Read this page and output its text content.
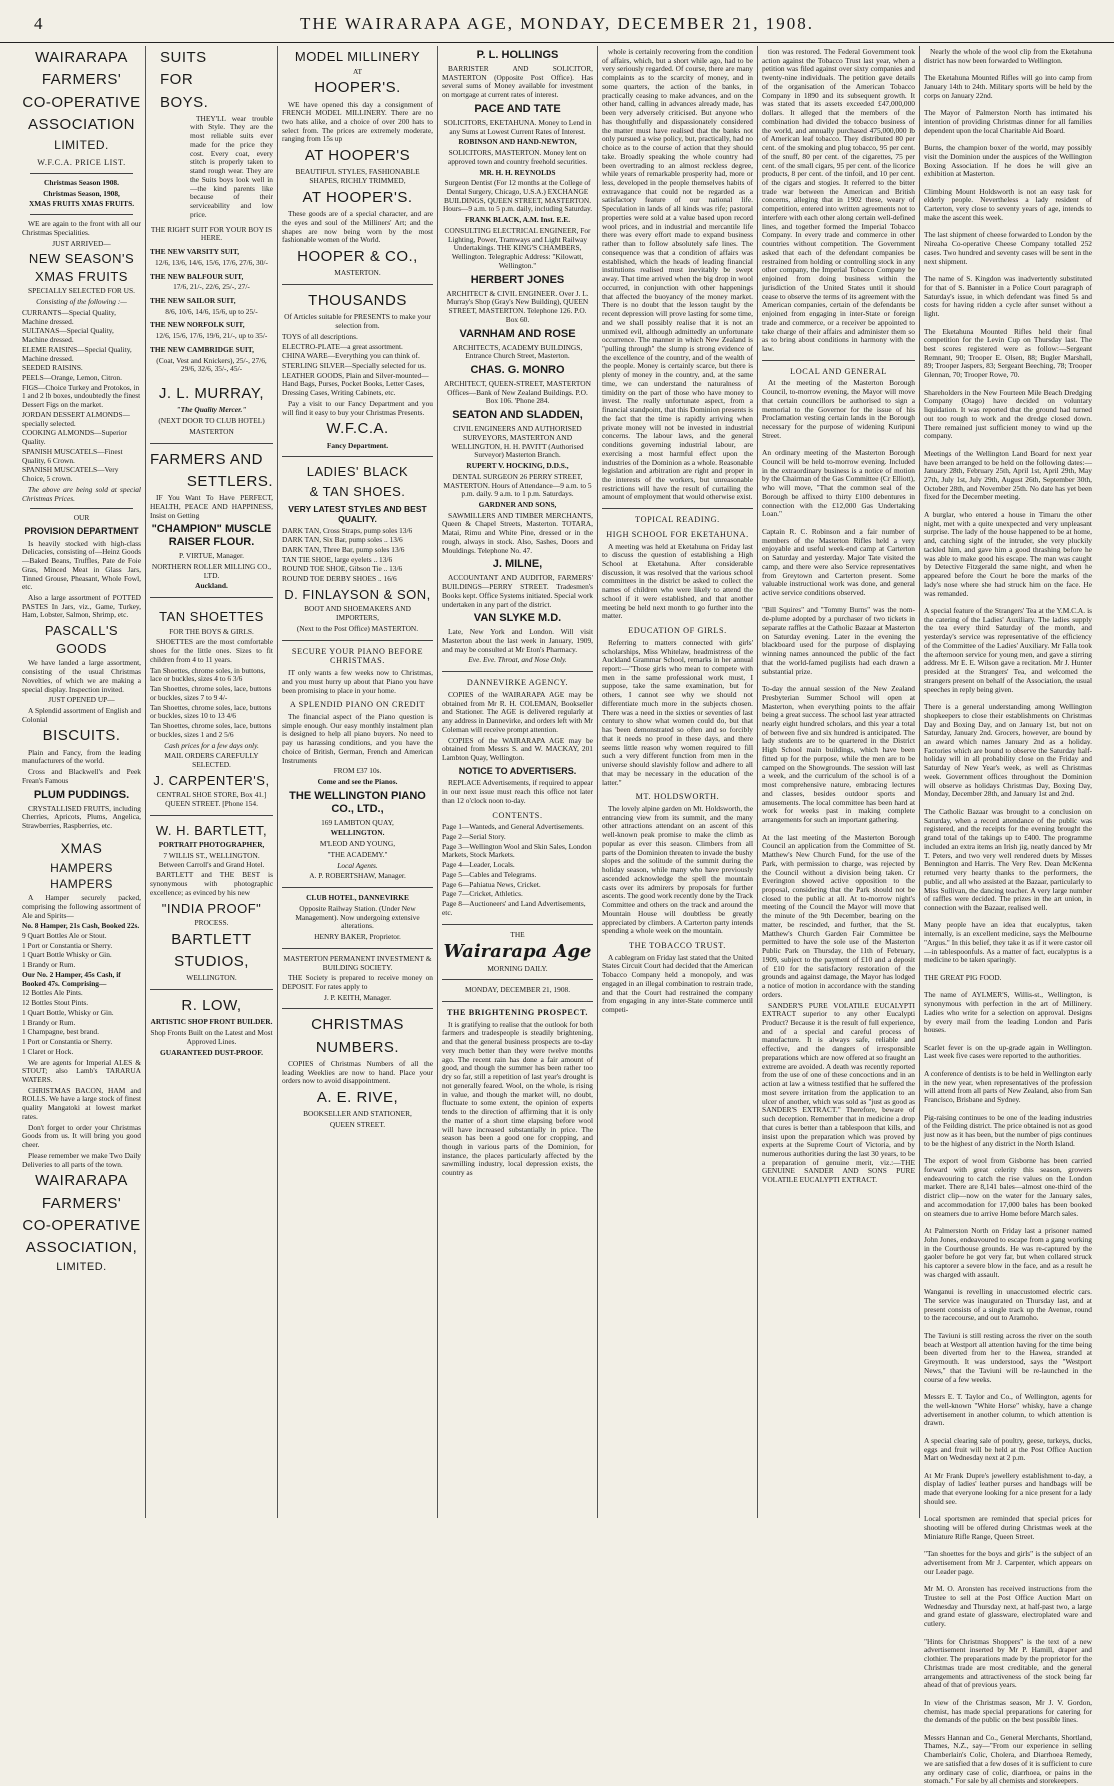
4	THE WAIRARAPA AGE, MONDAY, DECEMBER 21, 1908.
WAIRARAPA
FARMERS'
CO-OPERATIVE
ASSOCIATION
LIMITED.
W.F.C.A. PRICE LIST.
Christmas Season 1908.
Christmas Season, 1908,
XMAS FRUITS XMAS FRUITS.
WE are again to the front with all our Christmas Specialities.
JUST ARRIVED—
NEW SEASON'S XMAS FRUITS
SPECIALLY SELECTED FOR US.
Consisting of the following :—
CURRANTS—Special Quality, Machine dressed.
SULTANAS—Special Quality, Machine dressed.
ELEME RAISINS—Special Quality, Machine dressed.
SEEDED RAISINS.
PEELS—Orange, Lemon, Citron.
FIGS—Choice Turkey and Protokos, in 1 and 2 lb boxes, undoubtedly the finest Dessert Figs on the market.
JORDAN DESSERT ALMONDS—specially selected.
COOKING ALMONDS—Superior Quality.
SPANISH MUSCATELS—Finest Quality, 6 Crown.
SPANISH MUSCATELS—Very Choice, 5 crown.
The above are being sold at special Christmas Prices.
OUR
PROVISION DEPARTMENT
Is heavily stocked with high-class Delicacies, consisting of—Heinz Goods—Baked Beans, Truffles, Pate de Foie Gras, Minced Meat in Glass Jars, Tinned Grouse, Pheasant, Whole Fowl, etc.
Also a large assortment of POTTED PASTES In Jars, viz., Game, Turkey, Ham, Lobster, Salmon, Shrimp, etc.
PASCALL'S GOODS
We have landed a large assortment, consisting of the usual Christmas Novelties, of which we are making a special display. Inspection invited.
JUST OPENED UP—
A Splendid assortment of English and Colonial
BISCUITS.
Plain and Fancy, from the leading manufacturers of the world.
Cross and Blackwell's and Peek Frean's Famous
PLUM PUDDINGS.
CRYSTALLISED FRUITS, including Cherries, Apricots, Plums, Angelica, Strawberries, Raspberries, etc.
XMAS
HAMPERS HAMPERS
A Hamper securely packed, comprising the following assortment of Ale and Spirits—
No. 8 Hamper, 21s Cash, Booked 22s.
9 Quart Bottles Ale or Stout.
1 Port or Constantia or Sherry.
1 Quart Bottle Whisky or Gin.
1 Brandy or Rum.
Our No. 2 Hamper, 45s Cash, if Booked 47s. Comprising—
12 Bottles Ale Pints.
12 Bottles Stout Pints.
1 Quart Bottle, Whisky or Gin.
1 Brandy or Rum.
1 Champagne, best brand.
1 Port or Constantia or Sherry.
1 Claret or Hock.
We are agents for Imperial ALES & STOUT; also Lamb's TARARUA WATERS.
CHRISTMAS BACON, HAM and ROLLS. We have a large stock of finest quality Mangatoki at lowest market rates.
Don't forget to order your Christmas Goods from us. It will bring you good cheer.
Please remember we make Two Daily Deliveries to all parts of the town.
WAIRARAPA
FARMERS'
CO-OPERATIVE
ASSOCIATION,
LIMITED.
SUITS
FOR
BOYS.
THEY'LL wear trouble with Style. They are the most reliable suits ever made for the price they cost. Every coat, every stitch is properly taken to stand rough wear. They are the Suits boys look well in—the kind parents like because of their serviceability and low price.
THE RIGHT SUIT FOR YOUR BOY IS HERE.
THE NEW VARSITY SUIT,
12/6, 13/6, 14/6, 15/6, 17/6, 27/6, 30/-
THE NEW BALFOUR SUIT,
17/6, 21/-, 22/6, 25/-, 27/-
THE NEW SAILOR SUIT,
8/6, 10/6, 14/6, 15/6, up to 25/-
THE NEW NORFOLK SUIT,
12/6, 15/6, 17/6, 19/6, 21/-, up to 35/-
THE NEW CAMBRIDGE SUIT,
(Coat, Vest and Knickers), 25/-, 27/6, 29/6, 32/6, 35/-, 45/-
J. L. MURRAY,
"The Quality Mercer."
(NEXT DOOR TO CLUB HOTEL)
MASTERTON
FARMERS AND
SETTLERS.
IF You Want To Have PERFECT, HEALTH, PEACE AND HAPPINESS, Insist on Getting
"CHAMPION" MUSCLE RAISER FLOUR.
P. VIRTUE, Manager.
NORTHERN ROLLER MILLING CO., LTD.
Auckland.
TAN SHOETTES
FOR THE BOYS & GIRLS.
SHOETTES are the most comfortable shoes for the little ones. Sizes to fit children from 4 to 11 years.
Tan Shoettes, chrome soles, in buttons, lace or buckles, sizes 4 to 6 3/6
Tan Shoettes, chrome soles, lace, buttons or buckles, sizes 7 to 9 4/-
Tan Shoettes, chrome soles, lace, buttons or buckles, sizes 10 to 13 4/6
Tan Shoettes, chrome soles, lace, buttons or buckles, sizes 1 and 2 5/6
Cash prices for a few days only.
MAIL ORDERS CAREFULLY SELECTED.
J. CARPENTER'S,
CENTRAL SHOE STORE, Box 41.] QUEEN STREET. [Phone 154.
W. H. BARTLETT,
PORTRAIT PHOTOGRAPHER,
7 WILLIS ST., WELLINGTON. Between Carroll's and Grand Hotel.
BARTLETT and THE BEST is synonymous with photographic excellence; as evinced by his new
"INDIA PROOF"
PROCESS.
BARTLETT
STUDIOS,
WELLINGTON.
R. LOW,
ARTISTIC SHOP FRONT BUILDER.
Shop Fronts Built on the Latest and Most Approved Lines.
GUARANTEED DUST-PROOF.
MODEL MILLINERY
AT
HOOPER'S.
WE have opened this day a consignment of FRENCH MODEL MILLINERY. There are no two hats alike, and a choice of over 200 hats to select from. The prices are extremely moderate, ranging from 15s up
AT HOOPER'S
BEAUTIFUL STYLES, FASHIONABLE SHAPES, RICHLY TRIMMED,
AT HOOPER'S.
These goods are of a special character, and are the eyes and soul of the Milliners' Art; and the shapes are now being worn by the most fashionable women of the World.
HOOPER & CO.,
MASTERTON.
THOUSANDS
Of Articles suitable for PRESENTS to make your selection from.
TOYS of all descriptions.
ELECTRO-PLATE—a great assortment.
CHINA WARE—Everything you can think of.
STERLING SILVER—Specially selected for us.
LEATHER GOODS, Plain and Silver-mounted—Hand Bags, Purses, Pocket Books, Letter Cases, Dressing Cases, Writing Cabinets, etc.
Pay a visit to our Fancy Department and you will find it easy to buy your Christmas Presents.
W.F.C.A.
Fancy Department.
LADIES' BLACK
& TAN SHOES.
VERY LATEST STYLES AND BEST QUALITY.
DARK TAN, Cross Straps, pump soles 13/6
DARK TAN, Six Bar, pump soles .. 13/6
DARK TAN, Three Bar, pump soles 13/6
TAN TIE SHOE, large eyelets .. 13/6
ROUND TOE SHOE, Gibson Tie .. 13/6
ROUND TOE DERBY SHOES .. 16/6
D. FINLAYSON & SON,
BOOT AND SHOEMAKERS AND IMPORTERS,
(Next to the Post Office) MASTERTON.
SECURE YOUR PIANO BEFORE CHRISTMAS.
IT only wants a few weeks now to Christmas, and you must hurry up about that Piano you have been promising to place in your home.
A SPLENDID PIANO ON CREDIT
The financial aspect of the Piano question is simple enough. Our easy monthly instalment plan is designed to help all piano buyers. No need to pay us harassing conditions, and you have the choice of British, German, French and American Instruments
FROM £37 10s.
Come and see the Pianos.
THE WELLINGTON PIANO CO., LTD.,
169 LAMBTON QUAY,
WELLINGTON.
M'LEOD AND YOUNG,
"THE ACADEMY."
Local Agents.
A. P. ROBERTSHAW, Manager.
CLUB HOTEL, DANNEVIRKE
Opposite Railway Station. (Under New Management). Now undergoing extensive alterations.
HENRY BAKER, Proprietor.
MASTERTON PERMANENT INVESTMENT & BUILDING SOCIETY.
THE Society is prepared to receive money on DEPOSIT. For rates apply to
J. P. KEITH, Manager.
CHRISTMAS
NUMBERS.
COPIES of Christmas Numbers of all the leading Weeklies are now to hand. Place your orders now to avoid disappointment.
A. E. RIVE,
BOOKSELLER AND STATIONER,
QUEEN STREET.
P. L. HOLLINGS
BARRISTER AND SOLICITOR, MASTERTON (Opposite Post Office). Has several sums of Money available for investment on mortgage at current rates of interest.
PACE AND TATE
SOLICITORS, EKETAHUNA. Money to Lend in any Sums at Lowest Current Rates of Interest.
ROBINSON AND HAND-NEWTON,
SOLICITORS, MASTERTON. Money lent on approved town and country freehold securities.
MR. H. H. REYNOLDS
Surgeon Dentist (For 12 months at the College of Dental Surgery, Chicago, U.S.A.) EXCHANGE BUILDINGS, QUEEN STREET, MASTERTON. Hours—9 a.m. to 5 p.m. daily, including Saturday.
FRANK BLACK, A.M. Inst. E.E.
CONSULTING ELECTRICAL ENGINEER, For Lighting, Power, Tramways and Light Railway Undertakings. THE KING'S CHAMBERS, Wellington. Telegraphic Address: "Kilowatt, Wellington."
HERBERT JONES
ARCHITECT & CIVIL ENGINEER. Over J. L. Murray's Shop (Gray's New Building), QUEEN STREET, MASTERTON. Telephone 126. P.O. Box 60.
VARNHAM AND ROSE
ARCHITECTS, ACADEMY BUILDINGS, Entrance Church Street, Masterton.
CHAS. G. MONRO
ARCHITECT, QUEEN-STREET, MASTERTON Offices—Bank of New Zealand Buildings. P.O. Box 106. 'Phone 284.
SEATON AND SLADDEN,
CIVIL ENGINEERS AND AUTHORISED SURVEYORS, MASTERTON AND WELLINGTON, H. H. PAVITT (Authorised Surveyor) Masterton Branch.
RUPERT V. HOCKING, D.D.S.,
DENTAL SURGEON 26 PERRY STREET, MASTERTON. Hours of Attendance—9 a.m. to 5 p.m. daily. 9 a.m. to 1 p.m. Saturdays.
GARDNER AND SONS,
SAWMILLERS AND TIMBER MERCHANTS, Queen & Chapel Streets, Masterton. TOTARA, Matai, Rimu and White Pine, dressed or in the rough, always in stock. Also, Sashes, Doors and Mouldings. Telephone No. 47.
J. MILNE,
ACCOUNTANT AND AUDITOR, FARMERS' BUILDINGS—PERRY STREET. Tradesmen's Books kept. Office Systems initiated. Special work undertaken in any part of the district.
VAN SLYKE M.D.
Late, New York and London. Will visit Masterton about the last week in January, 1909, and may be consulted at Mr Eton's Pharmacy.
Eve. Eve. Throat, and Nose Only.
DANNEVIRKE AGENCY.
COPIES of the WAIRARAPA AGE may be obtained from Mr R. H. COLEMAN, Bookseller and Stationer. The AGE is delivered regularly at any address in Dannevirke, and orders left with Mr Coleman will receive prompt attention.
COPIES of the WAIRARAPA AGE may be obtained from Messrs S. and W. MACKAY, 201 Lambton Quay, Wellington.
NOTICE TO ADVERTISERS.
REPLACE Advertisements, if required to appear in our next issue must reach this office not later than 12 o'clock noon to-day.
CONTENTS.
Page 1—Wanteds, and General Advertisements.
Page 2—Serial Story.
Page 3—Wellington Wool and Skin Sales, London Markets, Stock Markets.
Page 4—Leader, Locals.
Page 5—Cables and Telegrams.
Page 6—Pahiatua News, Cricket.
Page 7—Cricket, Athletics.
Page 8—Auctioneers' and Land Advertisements, etc.
THE
Wairarapa Age
MORNING DAILY.
MONDAY, DECEMBER 21, 1908.
THE BRIGHTENING PROSPECT.
It is gratifying to realise that the outlook for both farmers and tradespeople is steadily brightening, and that the general business prospects are to-day very much better than they were twelve months ago. The recent rain has done a fair amount of good, and though the summer has been rather too dry so far, still a repetition of last year's drought is not generally feared. Wool, on the whole, is rising in value, and though the market will, no doubt, fluctuate to some extent, the opinion of experts tends to the direction of affirming that it is only the matter of a short time elapsing before wool will have increased substantially in price. The season has been a good one for cropping, and though in various parts of the Dominion, for instance, the places particularly affected by the sawmilling industry, local depression exists, the country as
whole is certainly recovering from the condition of affairs, which, but a short while ago, had to be very seriously regarded. Of course, there are many complaints as to the scarcity of money, and in some quarters, the action of the banks, in practically ceasing to make advances, and on the other hand, calling in advances already made, has been very adversely criticised. But anyone who has thoughtfully and dispassionately considered the matter must have realised that the banks not only pursued a wise policy, but, practically, had no choice as to the course of action that they should take. Broadly speaking the whole country had been overtrading to an almost reckless degree, while years of remarkable prosperity had, more or less, developed in the people themselves habits of extravagance that could not be regarded as a satisfactory feature of our national life. Speculation in lands of all kinds was rife; pastoral properties were sold at a value based upon record wool prices, and in industrial and mercantile life there was every effort made to expand business rather than to follow absolutely safe lines. The consequence was that a condition of affairs was established, which the heads of leading financial institutions realised must inevitably be swept away. That time arrived when the big drop in wool occurred, in conjunction with other happenings that affected the buoyancy of the money market. There is no doubt that the lesson taught by the recent depression will prove lasting for some time, and we shall possibly realise that it is not an unmixed evil, although admittedly an unfortunate occurrence. The manner in which New Zealand is "pulling through" the slump is strong evidence of the excellence of the country, and of the wealth of the people. Money is certainly scarce, but there is plenty of money in the country, and, at the same time, we can understand the naturalness of timidity on the part of those who have money to invest. The really unfortunate aspect, from a financial standpoint, that this Dominion presents is the fact that the time is rapidly arriving when private money will not be invested in industrial concerns. The labour laws, and the general conditions governing industrial labour, are exercising a most harmful effect upon the industries of the Dominion as a whole. Reasonable legislation and arbitration are right and proper in the interests of the workers, but unreasonable restrictions will have the result of curtailing the amount of employment that would otherwise exist.
TOPICAL READING.
HIGH SCHOOL FOR EKETAHUNA.
A meeting was held at Eketahuna on Friday last to discuss the question of establishing a High School at Eketahuna. After considerable discussion, it was resolved that the various school committees in the district be asked to collect the names of children who were likely to attend the school if it were established, and that another meeting be held next month to go further into the matter.
EDUCATION OF GIRLS.
Referring to matters connected with girls' scholarships, Miss Whitelaw, headmistress of the Auckland Grammar School, remarks in her annual report:—"Those girls who mean to compete with men in the same professional work must, I suppose, take the same examination, but for others, I cannot see why we should not differentiate much more in the subjects chosen. There was a need in the sixties or seventies of last century to show what women could do, but that has 'been demonstrated so often and so forcibly that it needs no proof in these days, and there seems little reason why women required to fill such a very different function from men in the universe should slavishly follow and adhere to all that may be necessary in the education of the latter."
MT. HOLDSWORTH.
The lovely alpine garden on Mt. Holdsworth, the entrancing view from its summit, and the many other attractions attendant on an ascent of this well-known peak promise to make the climb as popular as ever this season. Climbers from all parts of the Dominion threaten to invade the bushy slopes and the solitude of the summit during the holiday season, while many who have previously ascended acknowledge the spell the mountain casts over its admirers by proposals for further ascents. The good work recently done by the Track Committee and others on the track and around the Mountain House will doubtless be greatly appreciated by climbers. A Carterton party intends spending a whole week on the mountain.
THE TOBACCO TRUST.
A cablegram on Friday last stated that the United States Circuit Court had decided that the American Tobacco Company held a monopoly, and was engaged in an illegal combination to restrain trade, and that the Court had restrained the company from engaging in any inter-State commerce until competi-
tion was restored. The Federal Government took action against the Tobacco Trust last year, when a petition was filed against over sixty companies and twenty-nine individuals. The petition gave details of the organisation of the American Tobacco Company in 1890 and its subsequent growth. It was stated that its assets exceeded £47,000,000 dollars. It alleged that the members of the combination had divided the tobacco business of the world, and annually purchased 475,000,000 lb of American leaf tobacco. They distributed 80 per cent. of the smoking and plug tobacco, 95 per cent. of the snuff, 80 per cent. of the cigarettes, 75 per cent. of the small cigars, 95 per cent. of the licorice products, 8 per cent. of the tinfoil, and 10 per cent. of the cigars and stogies. It referred to the bitter trade war between the American and British concerns, alleging that in 1902 these, weary of competition, entered into written agreements not to interfere with each other along certain well-defined lines, and together formed the Imperial Tobacco Company. In every trade and commerce in other countries without competition. The Government asked that each of the defendant companies be restrained from holding or controlling stock in any other company, the Imperial Tobacco Company be enjoined from doing business within the jurisdiction of the United States until it should cease to observe the terms of its agreement with the American companies, certain of the defendants be enjoined from engaging in inter-State or foreign trade and commerce, or a receiver be appointed to take charge of their affairs and administer them so as to bring about conditions in harmony with the law.
LOCAL AND GENERAL
At the meeting of the Masterton Borough Council, to-morrow evening, the Mayor will move that certain councillors be authorised to sign a memorial to the Governor for the issue of his Proclamation vesting certain lands in the Borough necessary for the purpose of widening Kuripuni Street.

An ordinary meeting of the Masterton Borough Council will be held to-morrow evening. Included in the extraordinary business is a notice of motion by the Chairman of the Gas Committee (Cr Elliott), who will move, "That the common seal of the Borough be affixed to thirty £100 debentures in connection with the £12,000 Gas Undertaking Loan."

Captain R. C. Robinson and a fair number of members of the Masterton Rifles held a very enjoyable and useful week-end camp at Carterton on Saturday and yesterday. Major Tate visited the camp, and there were also Service representatives from Greytown and Carterton present. Some valuable instructional work was done, and general active service conditions observed.

"Bill Squires" and "Tommy Burns" was the nom-de-plume adopted by a purchaser of two tickets in separate raffles at the Catholic Bazaar at Masterton on Saturday evening. Later in the evening the blackboard used for the purpose of displaying winning names announced the public of the fact that the world-famed pugilists had each drawn a substantial prize.

To-day the annual session of the New Zealand Presbyterian Summer School will open at Masterton, when everything points to the affair being a great success. The school last year attracted nearly eight hundred scholars, and this year a total of between five and six hundred is anticipated. The lady students are to be quartered in the District High School main buildings, which have been fitted up for the purpose, while the men are to be camped on the Showgrounds. The session will last a week, and the curriculum of the school is of a most comprehensive nature, embracing lectures and classes, besides outdoor sports and amusements. The local committee has been hard at work for weeks past in making complete arrangements for such an important gathering.

At the last meeting of the Masterton Borough Council an application from the Committee of St. Matthew's New Church Fund, for the use of the Park, with permission to charge, was rejected by the Council without a division being taken. Cr Everington showed active opposition to the proposal, considering that the Park should not be closed to the public at all. At to-morrow night's meeting of the Council the Mayor will move that the minute of the 9th December, bearing on the matter, be rescinded, and further, that the St. Matthew's Church Garden Fair Committee be permitted to have the sole use of the Masterton Public Park on Thursday, the 11th of February, 1909, subject to the payment of £10 and a deposit of £10 for the satisfactory restoration of the grounds and against damage, the Mayor has lodged a notice of motion in accordance with the standing orders.
SANDER'S PURE VOLATILE EUCALYPTI EXTRACT superior to any other Eucalypti Product? Because it is the result of full experience, and of a special and careful process of manufacture. It is always safe, reliable and effective, and the dangers of irresponsible preparations which are now offered at so fraught an extreme are avoided. A death was recently reported from the use of one of these concoctions and in an action at law a witness testified that he suffered the most severe irritation from the application to an ulcer of another, which was sold as "just as good as SANDER'S EXTRACT." Therefore, beware of such deception. Remember that in medicine a drop that cures is better than a tablespoon that kills, and insist upon the preparation which was proved by experts at the Supreme Court of Victoria, and by numerous authorities during the last 30 years, to be a preparation of genuine merit, viz.:—THE GENUINE SANDER AND SONS PURE VOLATILE EUCALYPTI EXTRACT.
Nearly the whole of the wool clip from the Eketahuna district has now been forwarded to Wellington.

The Eketahuna Mounted Rifles will go into camp from January 14th to 24th. Military sports will be held by the corps on January 22nd.

The Mayor of Palmerston North has intimated his intention of providing Christmas dinner for all families dependent upon the local Charitable Aid Board.

Burns, the champion boxer of the world, may possibly visit the Dominion under the auspices of the Wellington Boxing Association. If he does he will give an exhibition at Masterton.

Climbing Mount Holdsworth is not an easy task for elderly people. Nevertheless a lady resident of Carterton, very close to seventy years of age, intends to make the ascent this week.

The last shipment of cheese forwarded to London by the Nireaha Co-operative Cheese Company totalled 252 cases. Two hundred and seventy cases will be sent in the next shipment.

The name of S. Kingdon was inadvertently substituted for that of S. Bannister in a Police Court paragraph of Saturday's issue, in which defendant was fined 5s and costs for having ridden a cycle after sunset without a light.

The Eketahuna Mounted Rifles held their final competition for the Levin Cup on Thursday last. The best scores registered were as follow:—Sergeant Remnant, 90; Trooper E. Olsen, 88; Bugler Marshall, 89; Trooper Jaspers, 83; Sergeant Beeching, 78; Trooper Glennan, 70; Trooper Rowe, 70.

Shareholders in the New Fourteen Mile Beach Dredging Company (Otago) have decided on voluntary liquidation. It was reported that the ground had turned out too rough to work and the dredge closed down. There remained just sufficient money to wind up the company.

Meetings of the Wellington Land Board for next year have been arranged to be held on the following dates:—January 28th, February 25th, April 1st, April 29th, May 27th, July 1st, July 29th, August 26th, September 30th, October 28th, and November 25th. No date has yet been fixed for the December meeting.

A burglar, who entered a house in Timaru the other night, met with a quite unexpected and very unpleasant surprise. The lady of the house happened to be at home, and, catching sight of the intruder, she very pluckily tackled him, and gave him a good thrashing before he was able to make good his escape. The man was caught by Detective Fitzgerald the same night, and when he appeared before the Court he bore the marks of the lady's nose where she had struck him on the face. He was remanded.

A special feature of the Strangers' Tea at the Y.M.C.A. is the catering of the Ladies' Auxiliary. The ladies supply the tea every third Saturday of the month, and yesterday's service was representative of the efficiency of the Committee of the Ladies' Auxiliary. Mr Falla took the afternoon service for young men, and gave a stirring address. Mr E. E. Wilson gave a recitation. Mr J. Hunter presided at the Strangers' Tea, and welcomed the strangers present on behalf of the Association, the usual speeches in reply being given.

There is a general understanding among Wellington shopkeepers to close their establishments on Christmas Day and Boxing Day, and on January 1st, but not on Saturday, January 2nd. Grocers, however, are bound by an award which names January 2nd as a holiday. Factories which are bound to observe the Saturday half-holiday will in all probability close on the Friday and Saturday of New Year's week, as well as Christmas week. Government offices throughout the Dominion will observe as holidays Christmas Day, Boxing Day, Monday, December 28th, and January 1st and 2nd.

The Catholic Bazaar was brought to a conclusion on Saturday, when a record attendance of the public was registered, and the receipts for the evening brought the grand total of the takings up to £400. The programme included an extra items an Irish jig, neatly danced by Mr T. Peters, and two very well rendered duets by Misses Bennington and Harris. The Very Rev. Dean McKenna returned very hearty thanks to the performers, the public, and all who assisted at the Bazaar, particularly to Miss Sullivan, the dancing teacher. A very large number of raffles were decided. The prizes in the art union, in connection with the Bazaar, realised well.

Many people have an idea that eucalyptus, taken internally, is an excellent medicine, says the Melbourne "Argus." In this belief, they take it as if it were castor oil—in tablespoonfuls. As a matter of fact, eucalyptus is a medicine to be taken sparingly.

THE GREAT PIG FOOD.

The name of AYLMER'S, Willis-st., Wellington, is synonymous with perfection in the art of Millinery. Ladies who write for a selection on approval. Designs by every mail from the leading London and Paris houses.

Scarlet fever is on the up-grade again in Wellington. Last week five cases were reported to the authorities.

A conference of dentists is to be held in Wellington early in the new year, when representatives of the profession will attend from all parts of New Zealand, also from San Francisco, Brisbane and Sydney.

Pig-raising continues to be one of the leading industries of the Feilding district. The price obtained is not as good just now as it has been, but the number of pigs continues to be the highest of any district in the North Island.

The export of wool from Gisborne has been carried forward with great celerity this season, growers endeavouring to catch the rise values on the London market. There are 8,141 bales—almost one-third of the district clip—now on the water for the January sales, and accommodation for 17,000 bales has been booked on steamers due to arrive Home before March sales.

At Palmerston North on Friday last a prisoner named John Jones, endeavoured to escape from a gang working in the Courthouse grounds. He was re-captured by the gaoler before he got very far, but when collared struck his captorer a severe blow in the face, and as a result he was charged with assault.

Wanganui is revelling in unaccustomed electric cars. The service was inaugurated on Thursday last, and at present consists of a single track up the Avenue, round to the racecourse, and out to Aramoho.

The Taviuni is still resting across the river on the south beach at Westport all attention having for the time being been diverted from her to the Hawea, stranded at Greymouth. It was understood, says the "Westport News," that the Taviuni will be re-launched in the course of a few weeks.

Messrs E. T. Taylor and Co., of Wellington, agents for the well-known "White Horse" whisky, have a change advertisement in another column, to which attention is drawn.

A special clearing sale of poultry, geese, turkeys, ducks, eggs and fruit will be held at the Post Office Auction Mart on Wednesday next at 2 p.m.

At Mr Frank Dupre's jewellery establishment to-day, a display of ladies' leather purses and handbags will be made that everyone looking for a nice present for a lady should see.

Local sportsmen are reminded that special prices for shooting will be offered during Christmas week at the Miniature Rifle Range, Queen Street.

"Tan shoettes for the boys and girls" is the subject of an advertisement from Mr J. Carpenter, which appears on our Leader page.

Mr M. O. Aronsten has received instructions from the Trustee to sell at the Post Office Auction Mart on Wednesday and Thursday next, at half-past two, a large and grand estate of glassware, electroplated ware and cutlery.

"Hints for Christmas Shoppers" is the text of a new advertisement inserted by Mr P. Hamill, draper and clothier. The preparations made by the proprietor for the Christmas trade are most creditable, and the general arrangements and attractiveness of the stock being far ahead of that of previous years.

In view of the Christmas season, Mr J. V. Gordon, chemist, has made special preparations for catering for the demands of the public on the best possible lines.

Messrs Hannan and Co., General Merchants, Shortland, Thames, N.Z., say—"From our experience in selling Chamberlain's Colic, Cholera, and Diarrhoea Remedy, we are satisfied that a few doses of it is sufficient to cure any ordinary case of colic, diarrhoea, or pains in the stomach." For sale by all chemists and storekeepers.
